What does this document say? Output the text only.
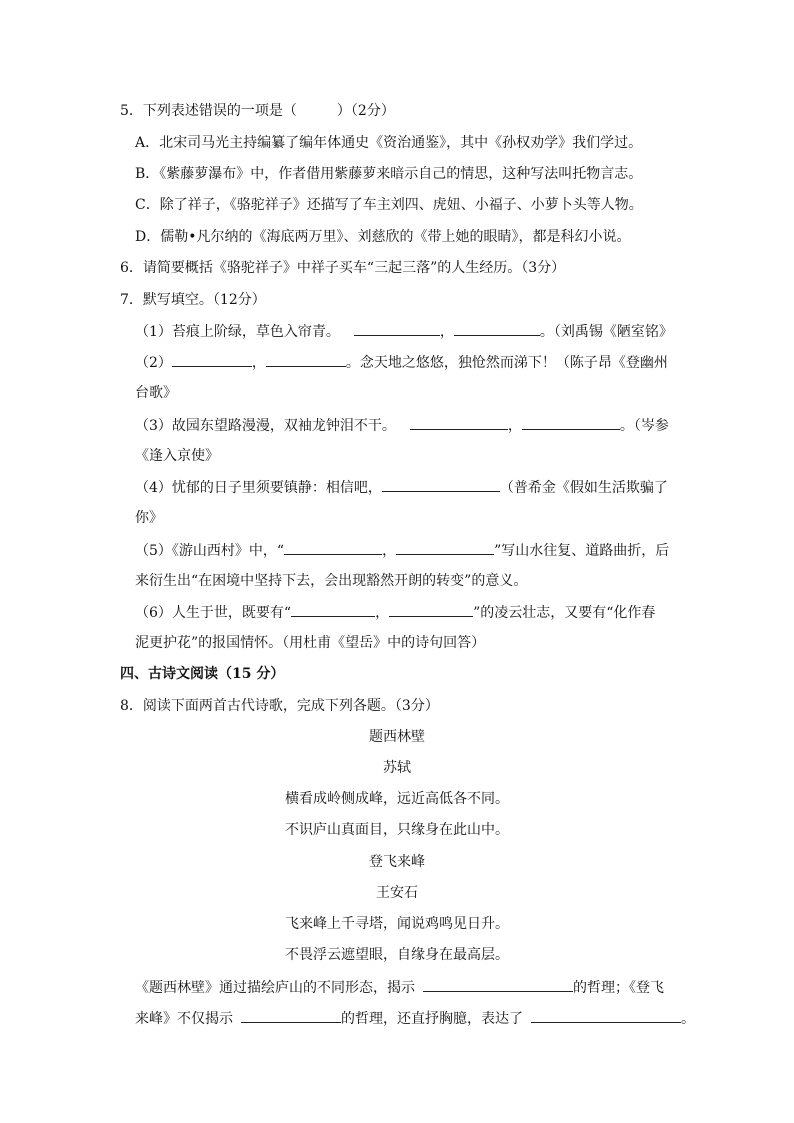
5．下列表述错误的一项是（	）（2分）
A．北宋司马光主持编纂了编年体通史《资治通鉴》，其中《孙权劝学》我们学过。
B．《紫藤萝瀑布》中，作者借用紫藤萝来暗示自己的情思，这种写法叫托物言志。
C．除了祥子，《骆驼祥子》还描写了车主刘四、虎妞、小福子、小萝卜头等人物。
D．儒勒•凡尔纳的《海底两万里》、刘慈欣的《带上她的眼睛》，都是科幻小说。
6．请简要概括《骆驼祥子》中祥子买车“三起三落”的人生经历。（3分）
7．默写填空。（12分）
（1）苔痕上阶绿，草色入帘青。	，	。（刘禹锡《陋室铭》
（2）	，	。念天地之悠悠，独怆然而涕下！（陈子昂《登幽州
台歌》
（3）故园东望路漫漫，双袖龙钟泪不干。	，	。（岑参
《逢入京使》
（4）忧郁的日子里须要镇静：相信吧，	（普希金《假如生活欺骗了
你》
（5）《游山西村》中，“	，	”写山水往复、道路曲折，后
来衍生出“在困境中坚持下去，会出现豁然开朗的转变”的意义。
（6）人生于世，既要有“	，	”的凌云壮志，又要有“化作春
泥更护花”的报国情怀。（用杜甫《望岳》中的诗句回答）
四、古诗文阅读（15 分）
8．阅读下面两首古代诗歌，完成下列各题。（3分）
题西林壁
苏轼
横看成岭侧成峰，远近高低各不同。
不识庐山真面目，只缘身在此山中。
登飞来峰
王安石
飞来峰上千寻塔，闻说鸡鸣见日升。
不畏浮云遮望眼，自缘身在最高层。
《题西林壁》通过描绘庐山的不同形态，揭示	的哲理；《登飞
来峰》不仅揭示	的哲理，还直抒胸臆，表达了	。
